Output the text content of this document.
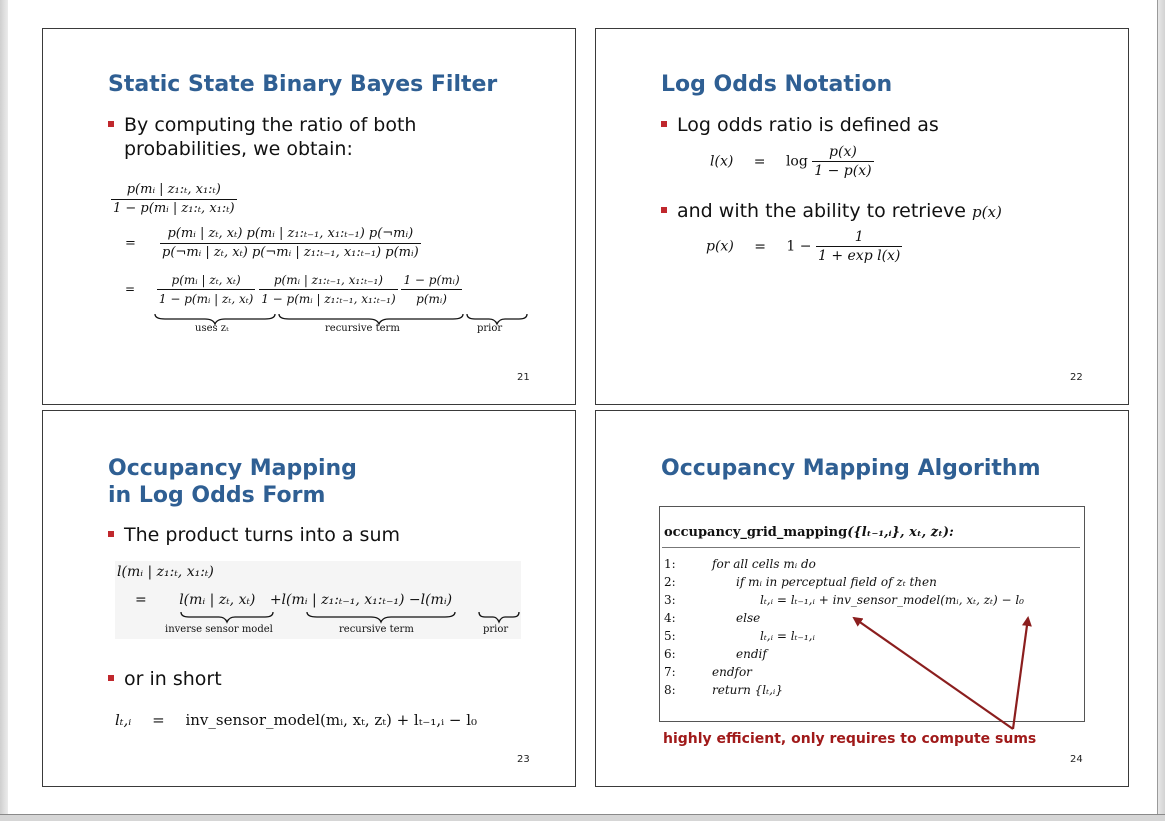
Static State Binary Bayes Filter
By computing the ratio of both
probabilities, we obtain:
$\frac{\text{p(mᵢ | z₁:ₜ, x₁:ₜ)}}{\text{1 − p(mᵢ | z₁:ₜ, x₁:ₜ)}}$
= $\frac{\text{p(mᵢ | zₜ, xₜ) p(mᵢ | z₁:ₜ₋₁, x₁:ₜ₋₁) p(¬mᵢ)}}{\text{p(¬mᵢ | zₜ, xₜ) p(¬mᵢ | z₁:ₜ₋₁, x₁:ₜ₋₁) p(mᵢ)}}$
= $\frac{\text{p(mᵢ | zₜ, xₜ)}}{\text{1 − p(mᵢ | zₜ, xₜ)}}$
$\frac{\text{p(mᵢ | z₁:ₜ₋₁, x₁:ₜ₋₁)}}{\text{1 − p(mᵢ | z₁:ₜ₋₁, x₁:ₜ₋₁)}}$
$\frac{\text{1 − p(mᵢ)}}{\text{p(mᵢ)}}$
uses zₜ	recursive term	prior
21
Log Odds Notation
Log odds ratio is defined as
$l(x) = \log \frac{p(x)}{1 - p(x)}$
and with the ability to retrieve p(x)
$p(x) = 1 - \frac{1}{\text{1 + exp l(x)}}$
22
Occupancy Mapping
in Log Odds Form
The product turns into a sum
l(mᵢ | z₁:ₜ, x₁:ₜ)
= l(mᵢ | zₜ, xₜ) +l(mᵢ | z₁:ₜ₋₁, x₁:ₜ₋₁) −l(mᵢ)
inverse sensor model	recursive term	prior
or in short
lₜ,ᵢ = inv_sensor_model(mᵢ, xₜ, zₜ) + lₜ₋₁,ᵢ − l₀
23
Occupancy Mapping Algorithm
occupancy_grid_mapping({lₜ₋₁,ᵢ}, xₜ, zₜ):
1:	for all cells mᵢ do
2:	if mᵢ in perceptual field of zₜ then
3:	lₜ,ᵢ = lₜ₋₁,ᵢ + inv_sensor_model(mᵢ, xₜ, zₜ) − l₀
4:	else
5:	lₜ,ᵢ = lₜ₋₁,ᵢ
6:	endif
7:	endfor
8:	return {lₜ,ᵢ}
highly efficient, only requires to compute sums
24
